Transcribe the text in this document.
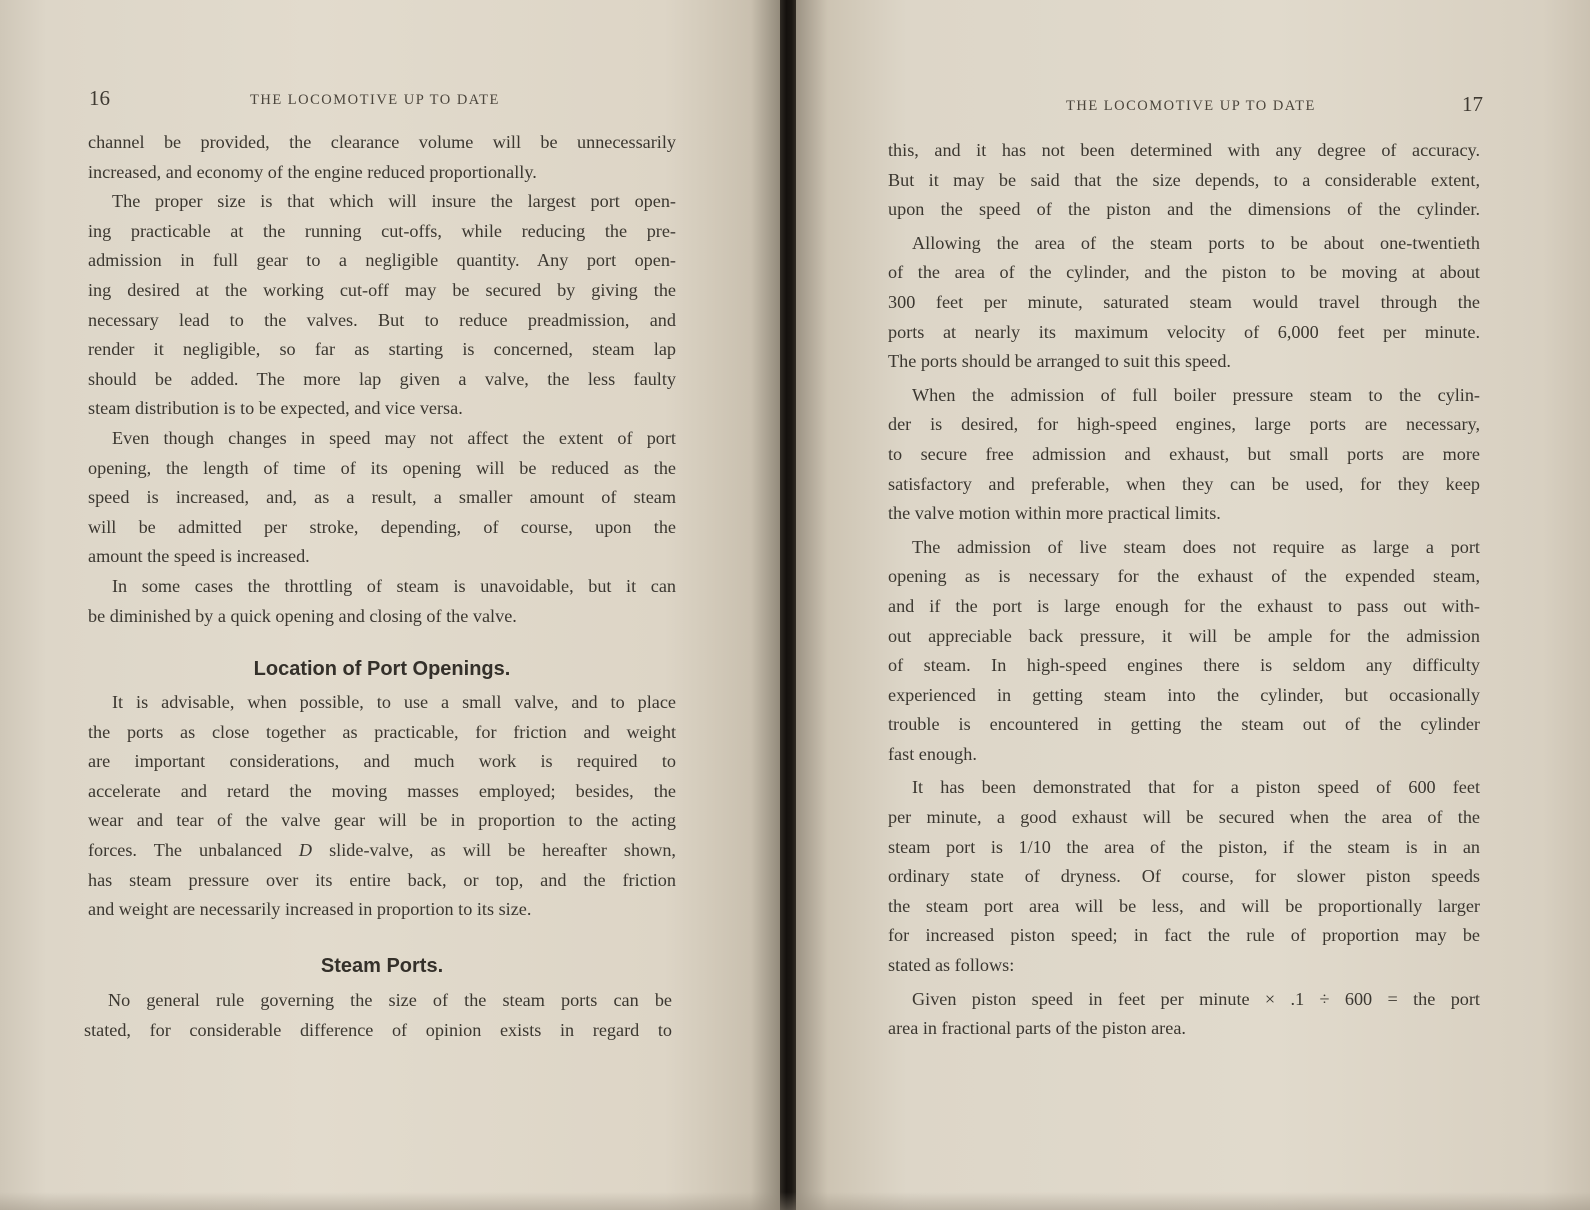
16	THE LOCOMOTIVE UP TO DATE
channel be provided, the clearance volume will be unnecessarily
increased, and economy of the engine reduced proportionally.
The proper size is that which will insure the largest port open-
ing practicable at the running cut-offs, while reducing the pre-
admission in full gear to a negligible quantity. Any port open-
ing desired at the working cut-off may be secured by giving the
necessary lead to the valves. But to reduce preadmission, and
render it negligible, so far as starting is concerned, steam lap
should be added. The more lap given a valve, the less faulty
steam distribution is to be expected, and vice versa.
Even though changes in speed may not affect the extent of port
opening, the length of time of its opening will be reduced as the
speed is increased, and, as a result, a smaller amount of steam
will be admitted per stroke, depending, of course, upon the
amount the speed is increased.
In some cases the throttling of steam is unavoidable, but it can
be diminished by a quick opening and closing of the valve.
Location of Port Openings.
It is advisable, when possible, to use a small valve, and to place
the ports as close together as practicable, for friction and weight
are important considerations, and much work is required to
accelerate and retard the moving masses employed; besides, the
wear and tear of the valve gear will be in proportion to the acting
forces. The unbalanced D slide-valve, as will be hereafter shown,
has steam pressure over its entire back, or top, and the friction
and weight are necessarily increased in proportion to its size.
Steam Ports.
No general rule governing the size of the steam ports can be
stated, for considerable difference of opinion exists in regard to
THE LOCOMOTIVE UP TO DATE	17
this, and it has not been determined with any degree of accuracy.
But it may be said that the size depends, to a considerable extent,
upon the speed of the piston and the dimensions of the cylinder.
Allowing the area of the steam ports to be about one-twentieth
of the area of the cylinder, and the piston to be moving at about
300 feet per minute, saturated steam would travel through the
ports at nearly its maximum velocity of 6,000 feet per minute.
The ports should be arranged to suit this speed.
When the admission of full boiler pressure steam to the cylin-
der is desired, for high-speed engines, large ports are necessary,
to secure free admission and exhaust, but small ports are more
satisfactory and preferable, when they can be used, for they keep
the valve motion within more practical limits.
The admission of live steam does not require as large a port
opening as is necessary for the exhaust of the expended steam,
and if the port is large enough for the exhaust to pass out with-
out appreciable back pressure, it will be ample for the admission
of steam. In high-speed engines there is seldom any difficulty
experienced in getting steam into the cylinder, but occasionally
trouble is encountered in getting the steam out of the cylinder
fast enough.
It has been demonstrated that for a piston speed of 600 feet
per minute, a good exhaust will be secured when the area of the
steam port is 1/10 the area of the piston, if the steam is in an
ordinary state of dryness. Of course, for slower piston speeds
the steam port area will be less, and will be proportionally larger
for increased piston speed; in fact the rule of proportion may be
stated as follows:
Given piston speed in feet per minute × .1 ÷ 600 = the port
area in fractional parts of the piston area.
